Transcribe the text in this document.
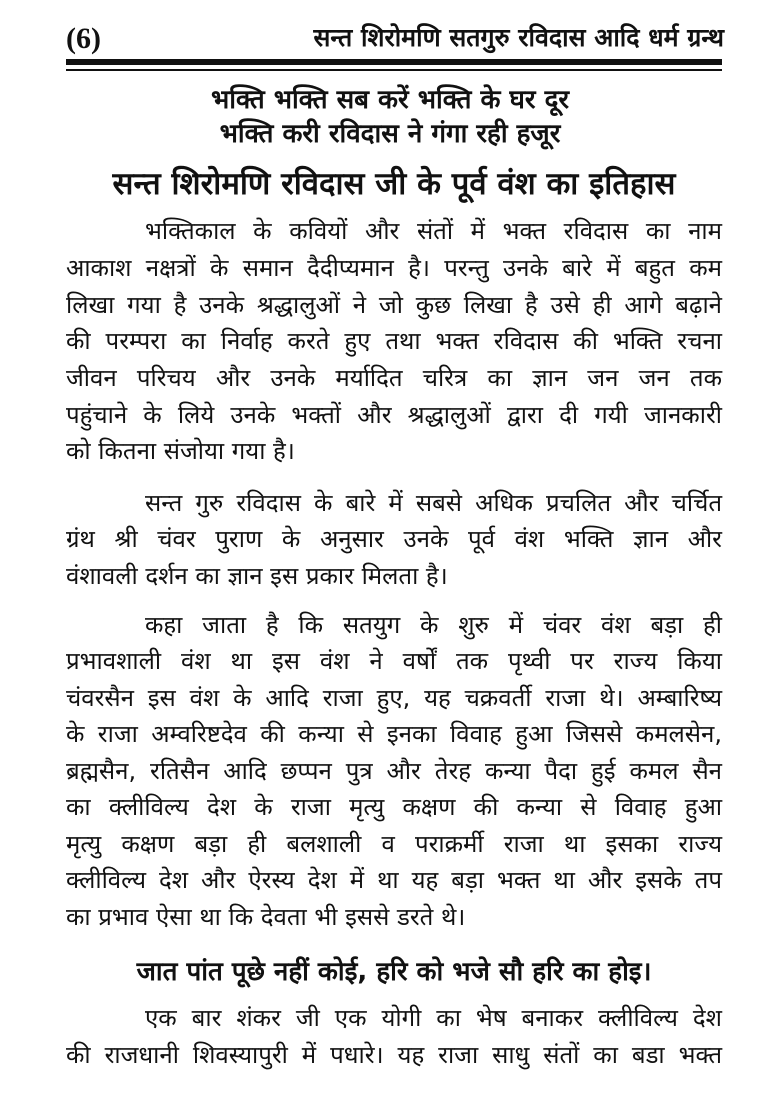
(6)	सन्त शिरोमणि सतगुरु रविदास आदि धर्म ग्रन्थ
भक्ति भक्ति सब करें भक्ति के घर दूर
भक्ति करी रविदास ने गंगा रही हजूर
सन्त शिरोमणि रविदास जी के पूर्व वंश का इतिहास
भक्तिकाल के कवियों और संतों में भक्त रविदास का नाम
आकाश नक्षत्रों के समान दैदीप्यमान है। परन्तु उनके बारे में बहुत कम
लिखा गया है उनके श्रद्धालुओं ने जो कुछ लिखा है उसे ही आगे बढ़ाने
की परम्परा का निर्वाह करते हुए तथा भक्त रविदास की भक्ति रचना
जीवन परिचय और उनके मर्यादित चरित्र का ज्ञान जन जन तक
पहुंचाने के लिये उनके भक्तों और श्रद्धालुओं द्वारा दी गयी जानकारी
को कितना संजोया गया है।
सन्त गुरु रविदास के बारे में सबसे अधिक प्रचलित और चर्चित
ग्रंथ श्री चंवर पुराण के अनुसार उनके पूर्व वंश भक्ति ज्ञान और
वंशावली दर्शन का ज्ञान इस प्रकार मिलता है।
कहा जाता है कि सतयुग के शुरु में चंवर वंश बड़ा ही
प्रभावशाली वंश था इस वंश ने वर्षों तक पृथ्वी पर राज्य किया
चंवरसैन इस वंश के आदि राजा हुए, यह चक्रवर्ती राजा थे। अम्बारिष्य
के राजा अम्वरिष्टदेव की कन्या से इनका विवाह हुआ जिससे कमलसेन,
ब्रह्मसैन, रतिसैन आदि छप्पन पुत्र और तेरह कन्या पैदा हुई कमल सैन
का क्लीविल्य देश के राजा मृत्यु कक्षण की कन्या से विवाह हुआ
मृत्यु कक्षण बड़ा ही बलशाली व पराक्रर्मी राजा था इसका राज्य
क्लीविल्य देश और ऐरस्य देश में था यह बड़ा भक्त था और इसके तप
का प्रभाव ऐसा था कि देवता भी इससे डरते थे।
जात पांत पूछे नहीं कोई, हरि को भजे सौ हरि का होइ।
एक बार शंकर जी एक योगी का भेष बनाकर क्लीविल्य देश
की राजधानी शिवस्यापुरी में पधारे। यह राजा साधु संतों का बडा भक्त
